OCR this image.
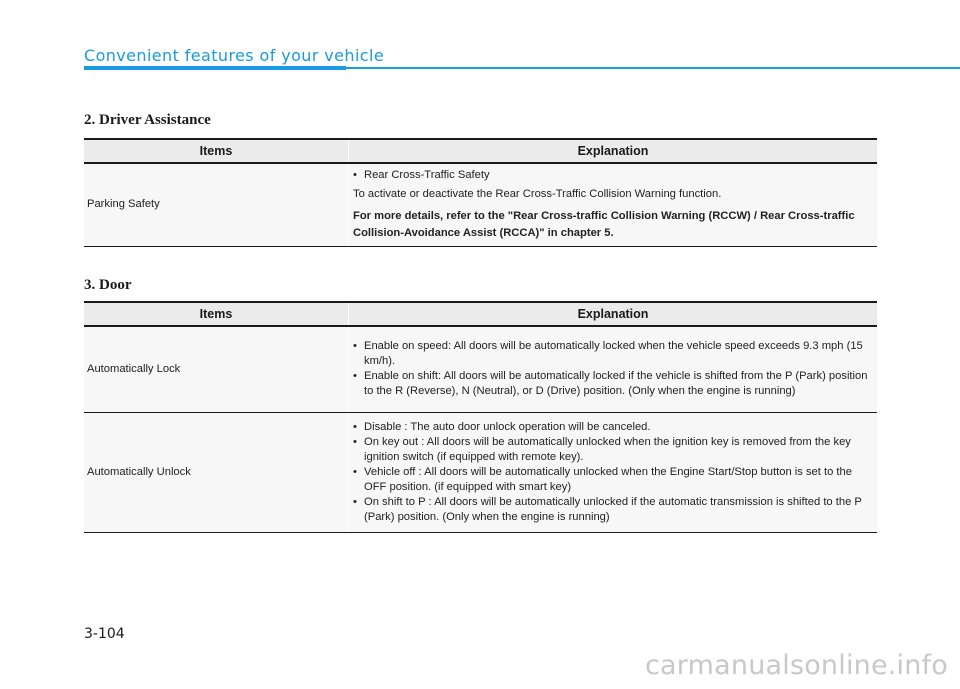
Convenient features of your vehicle
2. Driver Assistance
Items	Explanation
Parking Safety	• Rear Cross-Traffic Safety

To activate or deactivate the Rear Cross-Traffic Collision Warning function.

For more details, refer to the "Rear Cross-traffic Collision Warning (RCCW) / Rear Cross-traffic Collision-Avoidance Assist (RCCA)" in chapter 5.

3. Door
Items	Explanation
Automatically Lock	• Enable on speed: All doors will be automatically locked when the vehicle speed exceeds 9.3 mph (15 km/h).
• Enable on shift: All doors will be automatically locked if the vehicle is shifted from the P (Park) position to the R (Reverse), N (Neutral), or D (Drive) position. (Only when the engine is running)

Automatically Unlock	• Disable : The auto door unlock operation will be canceled.
• On key out : All doors will be automatically unlocked when the ignition key is removed from the key ignition switch (if equipped with remote key).
• Vehicle off : All doors will be automatically unlocked when the Engine Start/Stop button is set to the OFF position. (if equipped with smart key)
• On shift to P : All doors will be automatically unlocked if the automatic transmission is shifted to the P (Park) position. (Only when the engine is running)
3-104
carmanualsonline.info
